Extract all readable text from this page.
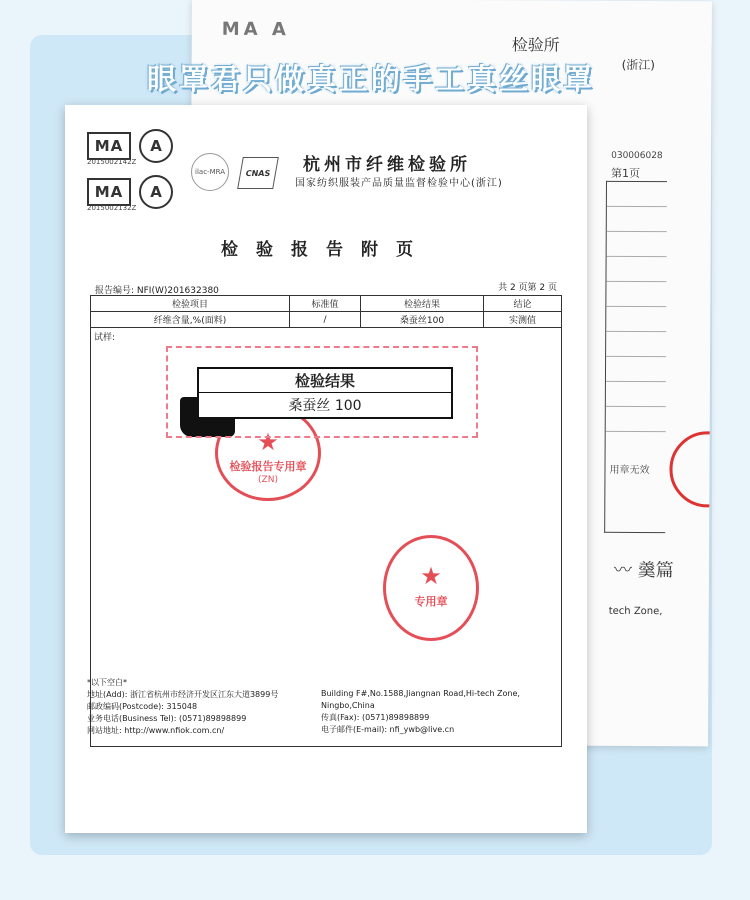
MA A
检验所
(浙江)
030006028
第1页
用章无效
〰 羹篇
tech Zone,
眼罩君只做真正的手工真丝眼罩
MA	A
2015002142Z
MA	A
2015002132Z
ilac-MRA	CNAS	杭州市纤维检验所
国家纺织服装产品质量监督检验中心(浙江)
检验报告附页
报告编号: NFI(W)201632380	共 2 页第 2 页
检验项目	标准值	检验结果	结论
纤维含量,%(面料)	/	桑蚕丝100	实测值
试样:
★
检验报告专用章
(ZN)
★
专用章
检验结果
桑蚕丝 100
*以下空白*
地址(Add): 浙江省杭州市经济开发区江东大道3899号
邮政编码(Postcode): 315048
业务电话(Business Tel): (0571)89898899
网站地址: http://www.nfiok.com.cn/
Building F#,No.1588,Jiangnan Road,Hi-tech Zone,
Ningbo,China
传真(Fax): (0571)89898899
电子邮件(E-mail): nfi_ywb@live.cn
